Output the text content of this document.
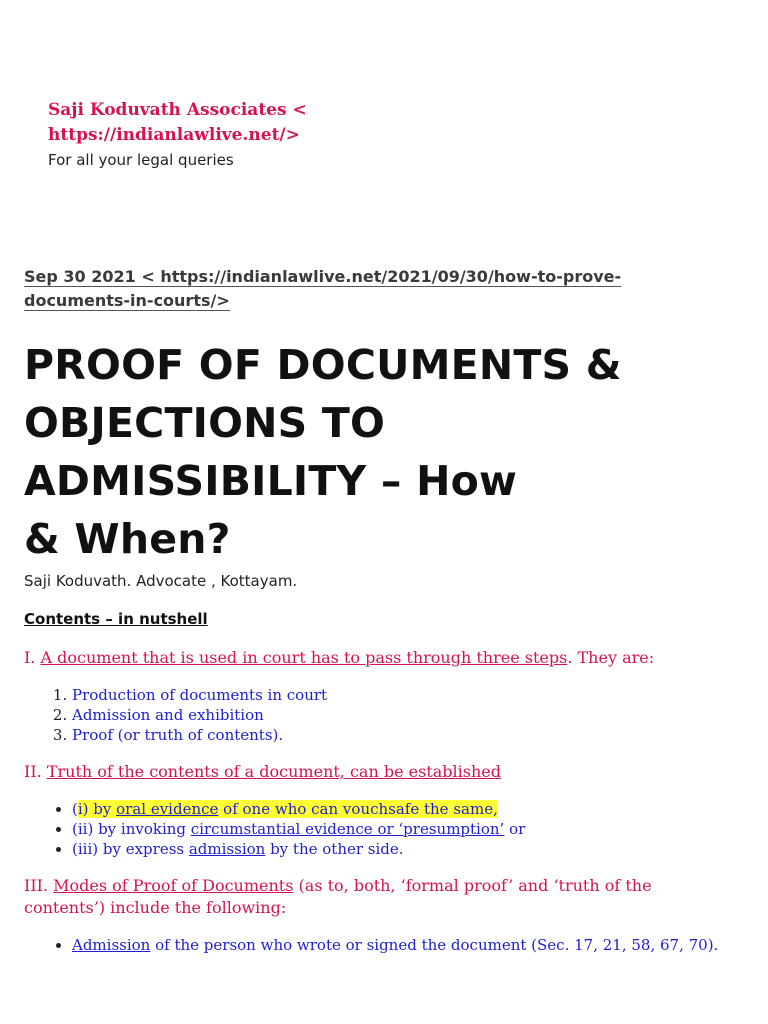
Saji Koduvath Associates <
https://indianlawlive.net/>
For all your legal queries
Sep 30 2021 < https://indianlawlive.net/2021/09/30/how-to-prove-
documents-in-courts/>
PROOF OF DOCUMENTS &
OBJECTIONS TO
ADMISSIBILITY – How
& When?
Saji Koduvath. Advocate , Kottayam.
Contents – in nutshell
I. A document that is used in court has to pass through three steps. They are:
1. Production of documents in court
2. Admission and exhibition
3. Proof (or truth of contents).
II. Truth of the contents of a document, can be established
• (i) by oral evidence of one who can vouchsafe the same,
• (ii) by invoking circumstantial evidence or ‘presumption’ or
• (iii) by express admission by the other side.
III. Modes of Proof of Documents (as to, both, ‘formal proof’ and ‘truth of the contents’) include the following:
• Admission of the person who wrote or signed the document (Sec. 17, 21, 58, 67, 70).
